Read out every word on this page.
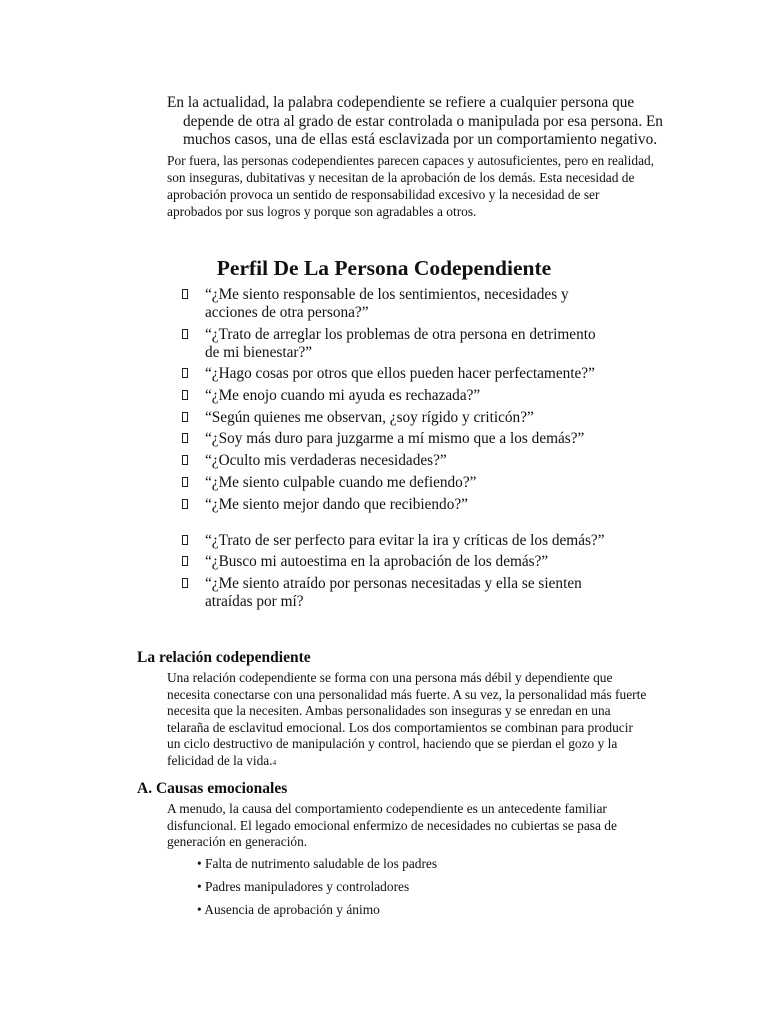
En la actualidad, la palabra codependiente se refiere a cualquier persona que depende de otra al grado de estar controlada o manipulada por esa persona. En muchos casos, una de ellas está esclavizada por un comportamiento negativo.

Por fuera, las personas codependientes parecen capaces y autosuficientes, pero en realidad, son inseguras, dubitativas y necesitan de la aprobación de los demás. Esta necesidad de aprobación provoca un sentido de responsabilidad excesivo y la necesidad de ser aprobados por sus logros y porque son agradables a otros.

Perfil De La Persona Codependiente
“¿Me siento responsable de los sentimientos, necesidades y acciones de otra persona?”
“¿Trato de arreglar los problemas de otra persona en detrimento de mi bienestar?”
“¿Hago cosas por otros que ellos pueden hacer perfectamente?”
“¿Me enojo cuando mi ayuda es rechazada?”
“Según quienes me observan, ¿soy rígido y criticón?”
“¿Soy más duro para juzgarme a mí mismo que a los demás?”
“¿Oculto mis verdaderas necesidades?”
“¿Me siento culpable cuando me defiendo?”
“¿Me siento mejor dando que recibiendo?”
“¿Trato de ser perfecto para evitar la ira y críticas de los demás?”
“¿Busco mi autoestima en la aprobación de los demás?”
“¿Me siento atraído por personas necesitadas y ella se sienten atraídas por mí?
La relación codependiente

Una relación codependiente se forma con una persona más débil y dependiente que necesita conectarse con una personalidad más fuerte. A su vez, la personalidad más fuerte necesita que la necesiten. Ambas personalidades son inseguras y se enredan en una telaraña de esclavitud emocional. Los dos comportamientos se combinan para producir un ciclo destructivo de manipulación y control, haciendo que se pierdan el gozo y la felicidad de la vida.4

A. Causas emocionales

A menudo, la causa del comportamiento codependiente es un antecedente familiar disfuncional. El legado emocional enfermizo de necesidades no cubiertas se pasa de generación en generación.

• Falta de nutrimento saludable de los padres
• Padres manipuladores y controladores
• Ausencia de aprobación y ánimo
